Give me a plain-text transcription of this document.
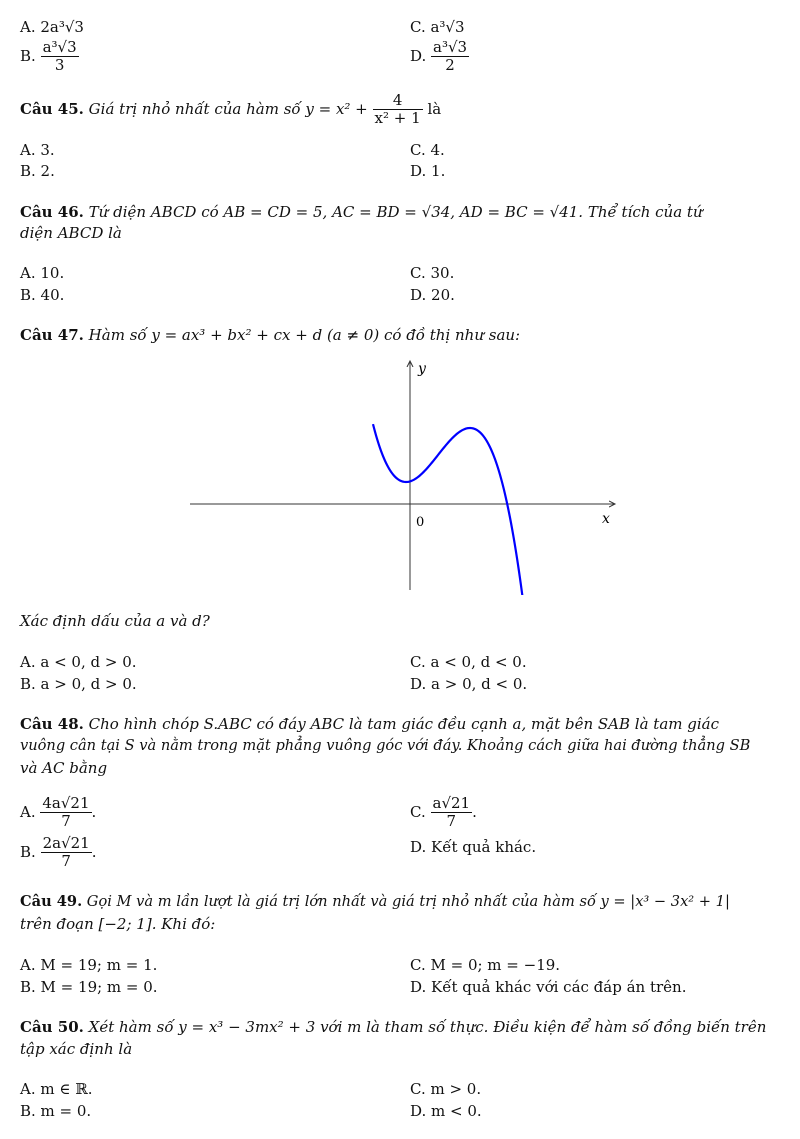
A. 2a³√3	C. a³√3
B. $\frac{\text{a³√3}}{3}$	D. $\frac{\text{a³√3}}{2}$
Câu 45. Giá trị nhỏ nhất của hàm số $y = x^2 + \frac{4}{\text{x² + 1}}$ là
A. 3.	C. 4.
B. 2.	D. 1.
Câu 46. Tứ diện ABCD có AB = CD = 5, AC = BD = √34, AD = BC = √41. Thể tích của tứ
diện ABCD là
A. 10.	C. 30.
B. 40.	D. 20.
Câu 47. Hàm số y = ax³ + bx² + cx + d (a ≠ 0) có đồ thị như sau:
y
x
0
Xác định dấu của a và d?
A. a < 0, d > 0.	C. a < 0, d < 0.
B. a > 0, d > 0.	D. a > 0, d < 0.
Câu 48. Cho hình chóp S.ABC có đáy ABC là tam giác đều cạnh a, mặt bên SAB là tam giác
vuông cân tại S và nằm trong mặt phẳng vuông góc với đáy. Khoảng cách giữa hai đường thẳng SB
và AC bằng
A. $\frac{4a√21}{7}$ .	C. $\frac{a√21}{7}$ .
B. $\frac{2a√21}{7}$ .	D. Kết quả khác.
Câu 49. Gọi M và m lần lượt là giá trị lớn nhất và giá trị nhỏ nhất của hàm số y = |x³ − 3x² + 1|
trên đoạn [−2; 1]. Khi đó:
A. M = 19; m = 1.	C. M = 0; m = −19.
B. M = 19; m = 0.	D. Kết quả khác với các đáp án trên.
Câu 50. Xét hàm số y = x³ − 3mx² + 3 với m là tham số thực. Điều kiện để hàm số đồng biến trên
tập xác định là
A. m ∈ ℝ.	C. m > 0.
B. m = 0.	D. m < 0.
